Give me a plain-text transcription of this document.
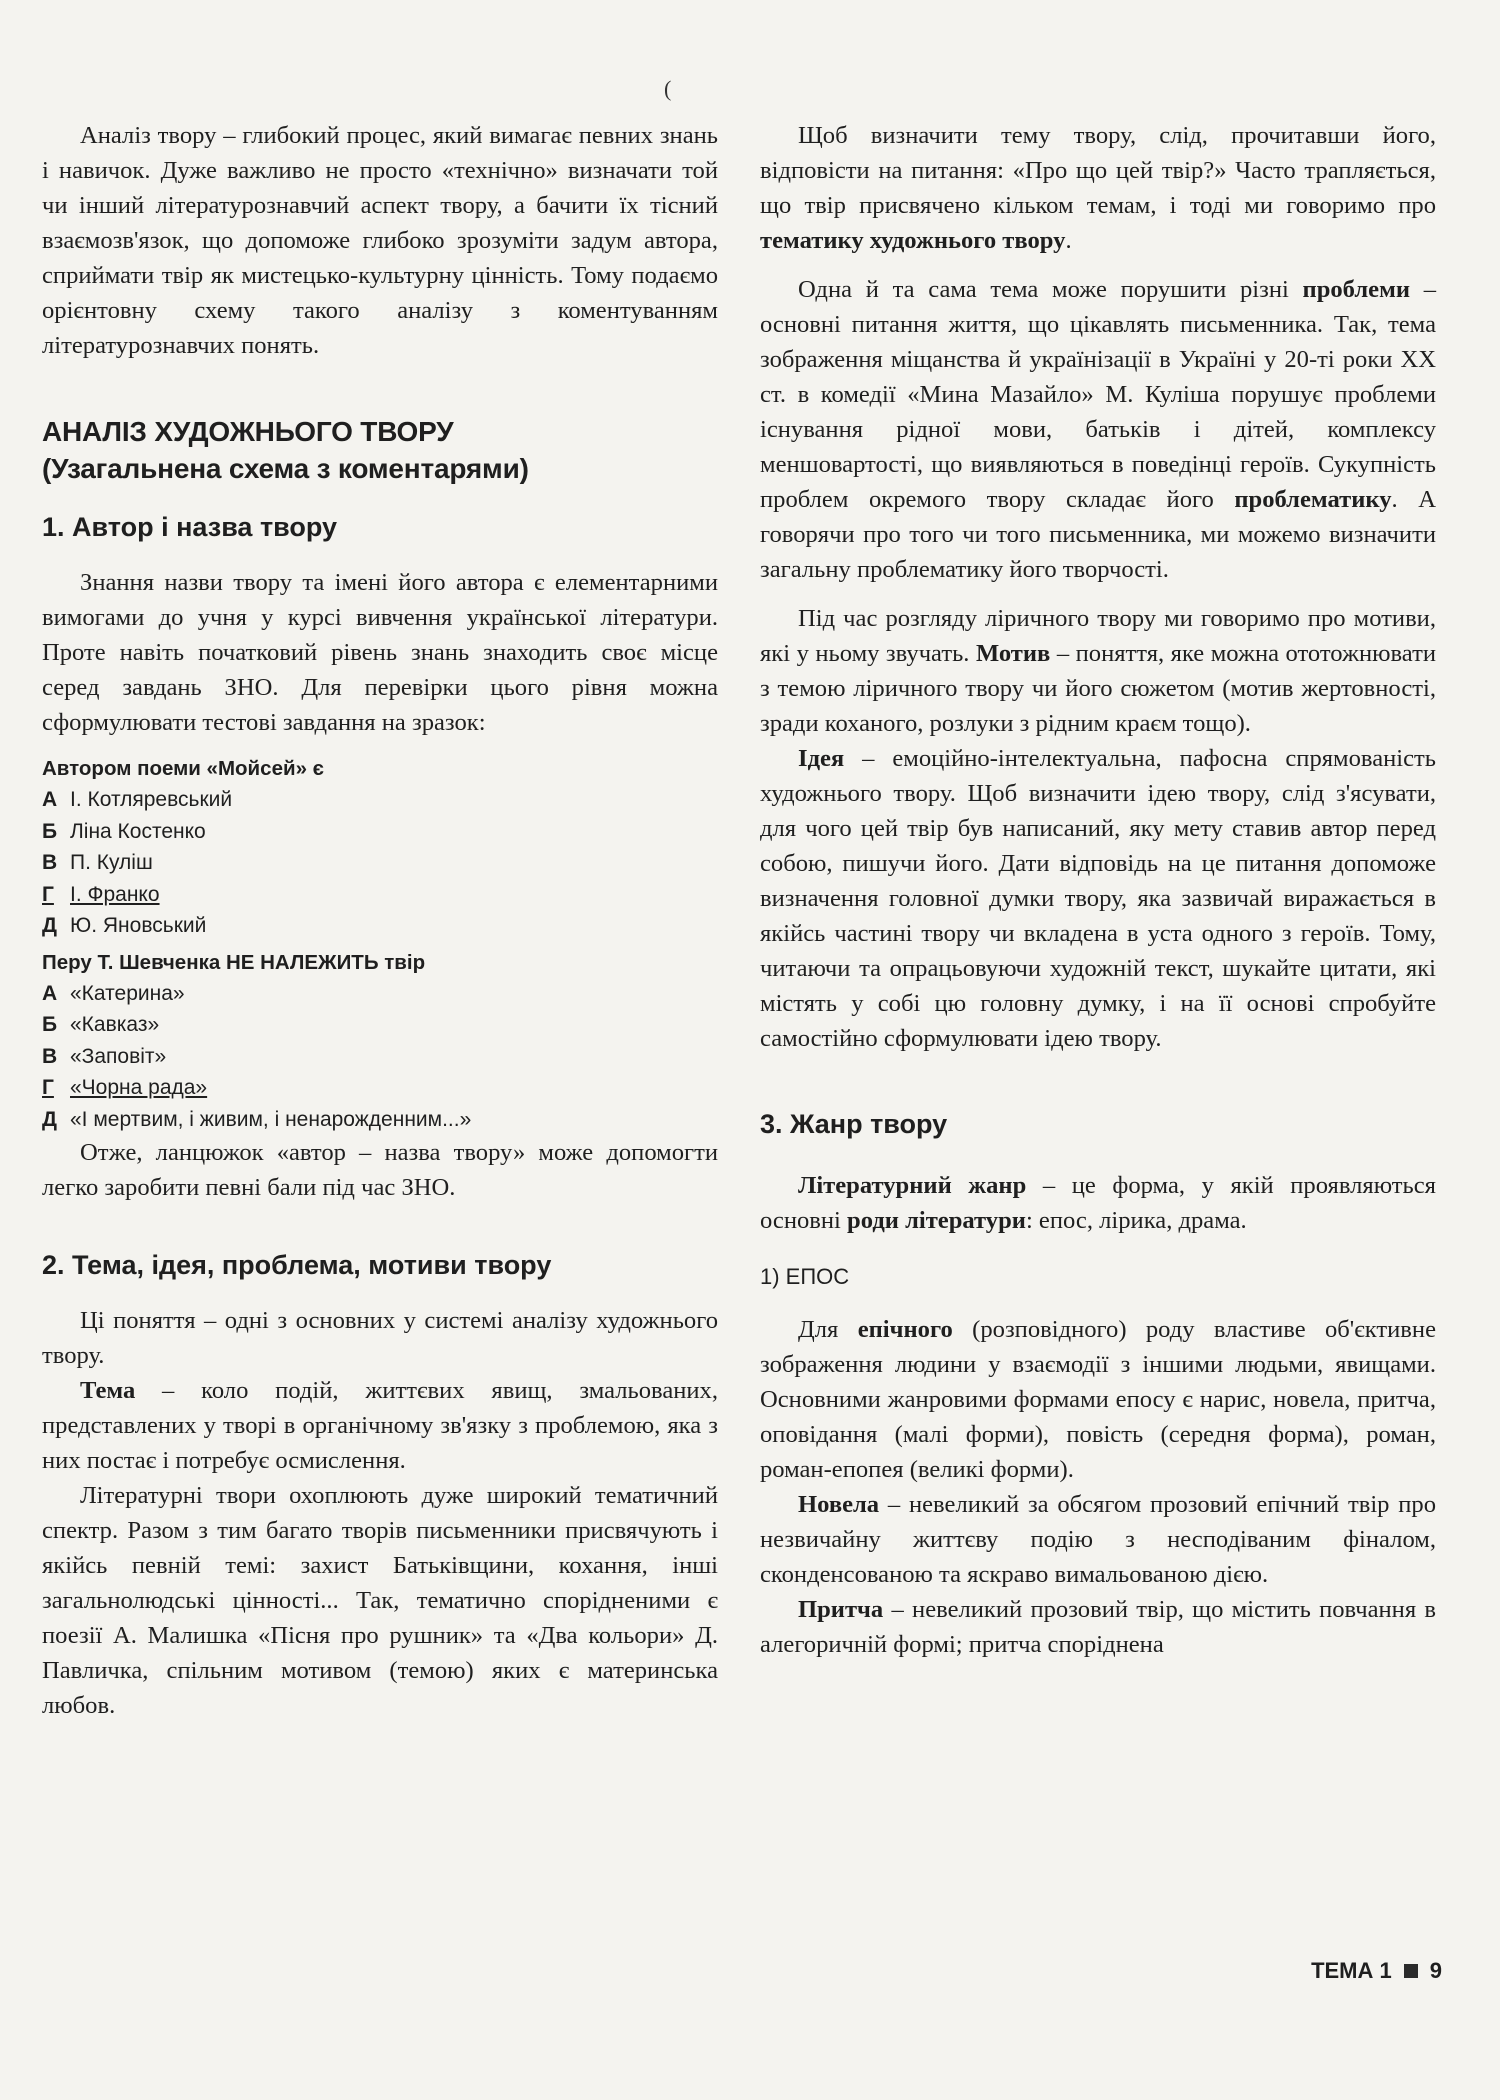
(

Аналіз твору – глибокий процес, який вимагає певних знань і навичок. Дуже важливо не просто «технічно» визначати той чи інший літературознавчий аспект твору, а бачити їх тісний взаємозв'язок, що допоможе глибоко зрозуміти задум автора, сприймати твір як мистецько-культурну цінність. Тому подаємо орієнтовну схему такого аналізу з коментуванням літературознавчих понять.

АНАЛІЗ ХУДОЖНЬОГО ТВОРУ
(Узагальнена схема з коментарями)
1. Автор і назва твору

Знання назви твору та імені його автора є елементарними вимогами до учня у курсі вивчення української літератури. Проте навіть початковий рівень знань знаходить своє місце серед завдань ЗНО. Для перевірки цього рівня можна сформулювати тестові завдання на зразок:

Автором поеми «Мойсей» є
А І. Котляревський
Б Ліна Костенко
В П. Куліш
Г І. Франко
Д Ю. Яновський
Перу Т. Шевченка НЕ НАЛЕЖИТЬ твір
А «Катерина»
Б «Кавказ»
В «Заповіт»
Г «Чорна рада»
Д «І мертвим, і живим, і ненарожденним...»

Отже, ланцюжок «автор – назва твору» може допомогти легко заробити певні бали під час ЗНО.

2. Тема, ідея, проблема, мотиви твору

Ці поняття – одні з основних у системі аналізу художнього твору.

Тема – коло подій, життєвих явищ, змальованих, представлених у творі в органічному зв'язку з проблемою, яка з них постає і потребує осмислення.

Літературні твори охоплюють дуже широкий тематичний спектр. Разом з тим багато творів письменники присвячують і якійсь певній темі: захист Батьківщини, кохання, інші загальнолюдські цінності... Так, тематично спорідненими є поезії А. Малишка «Пісня про рушник» та «Два кольори» Д. Павличка, спільним мотивом (темою) яких є материнська любов.

Щоб визначити тему твору, слід, прочитавши його, відповісти на питання: «Про що цей твір?» Часто трапляється, що твір присвячено кільком темам, і тоді ми говоримо про тематику художнього твору.

Одна й та сама тема може порушити різні проблеми – основні питання життя, що цікавлять письменника. Так, тема зображення міщанства й українізації в Україні у 20-ті роки XX ст. в комедії «Мина Мазайло» М. Куліша порушує проблеми існування рідної мови, батьків і дітей, комплексу меншовартості, що виявляються в поведінці героїв. Сукупність проблем окремого твору складає його проблематику. А говорячи про того чи того письменника, ми можемо визначити загальну проблематику його творчості.

Під час розгляду ліричного твору ми говоримо про мотиви, які у ньому звучать. Мотив – поняття, яке можна ототожнювати з темою ліричного твору чи його сюжетом (мотив жертовності, зради коханого, розлуки з рідним краєм тощо).

Ідея – емоційно-інтелектуальна, пафосна спрямованість художнього твору. Щоб визначити ідею твору, слід з'ясувати, для чого цей твір був написаний, яку мету ставив автор перед собою, пишучи його. Дати відповідь на це питання допоможе визначення головної думки твору, яка зазвичай виражається в якійсь частині твору чи вкладена в уста одного з героїв. Тому, читаючи та опрацьовуючи художній текст, шукайте цитати, які містять у собі цю головну думку, і на її основі спробуйте самостійно сформулювати ідею твору.

3. Жанр твору

Літературний жанр – це форма, у якій проявляються основні роди літератури: епос, лірика, драма.

1) ЕПОС

Для епічного (розповідного) роду властиве об'єктивне зображення людини у взаємодії з іншими людьми, явищами. Основними жанровими формами епосу є нарис, новела, притча, оповідання (малі форми), повість (середня форма), роман, роман-епопея (великі форми).

Новела – невеликий за обсягом прозовий епічний твір про незвичайну життєву подію з несподіваним фіналом, сконденсованою та яскраво вимальованою дією.

Притча – невеликий прозовий твір, що містить повчання в алегоричній формі; притча споріднена

ТЕМА 1 9
